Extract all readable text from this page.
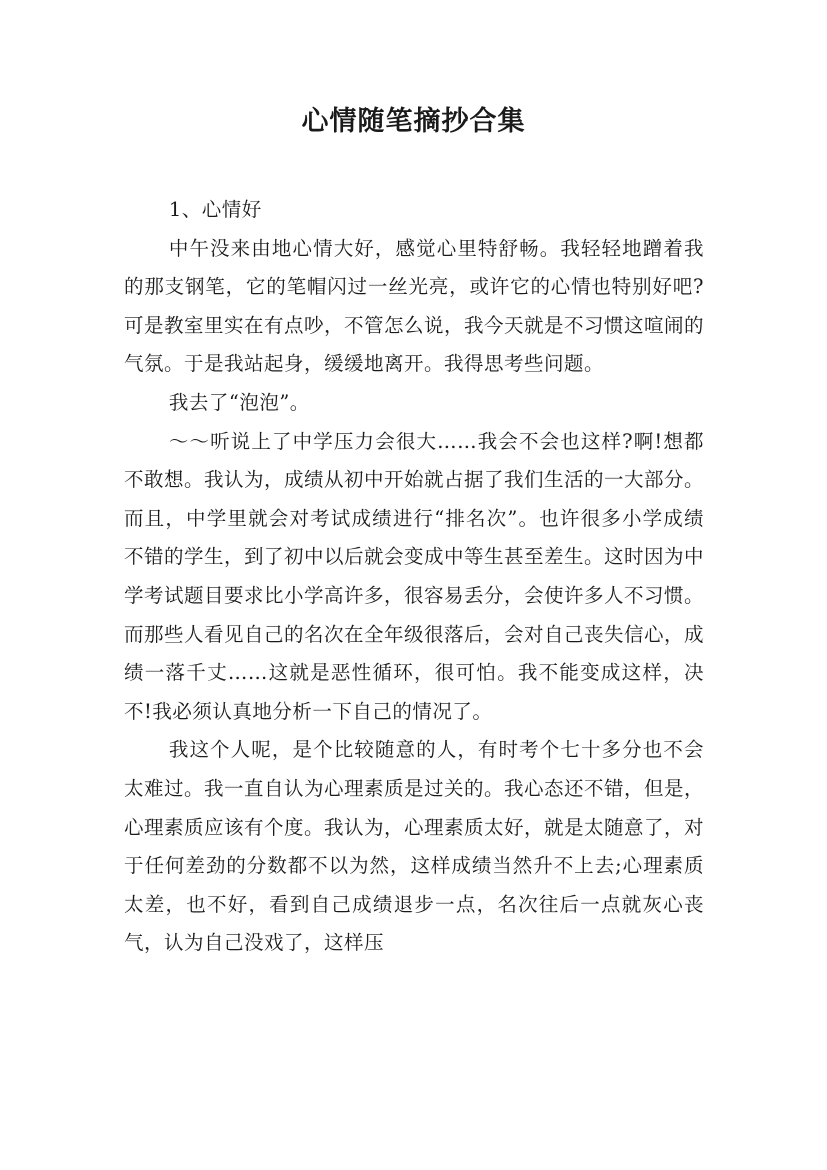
心情随笔摘抄合集

1、心情好

中午没来由地心情大好，感觉心里特舒畅。我轻轻地蹭着我的那支钢笔，它的笔帽闪过一丝光亮，或许它的心情也特别好吧?可是教室里实在有点吵，不管怎么说，我今天就是不习惯这喧闹的气氛。于是我站起身，缓缓地离开。我得思考些问题。

我去了“泡泡”。

～～听说上了中学压力会很大……我会不会也这样?啊!想都不敢想。我认为，成绩从初中开始就占据了我们生活的一大部分。而且，中学里就会对考试成绩进行“排名次”。也许很多小学成绩不错的学生，到了初中以后就会变成中等生甚至差生。这时因为中学考试题目要求比小学高许多，很容易丢分，会使许多人不习惯。而那些人看见自己的名次在全年级很落后，会对自己丧失信心，成绩一落千丈……这就是恶性循环，很可怕。我不能变成这样，决不!我必须认真地分析一下自己的情况了。

我这个人呢，是个比较随意的人，有时考个七十多分也不会太难过。我一直自认为心理素质是过关的。我心态还不错，但是，心理素质应该有个度。我认为，心理素质太好，就是太随意了，对于任何差劲的分数都不以为然，这样成绩当然升不上去;心理素质太差，也不好，看到自己成绩退步一点，名次往后一点就灰心丧气，认为自己没戏了，这样压
